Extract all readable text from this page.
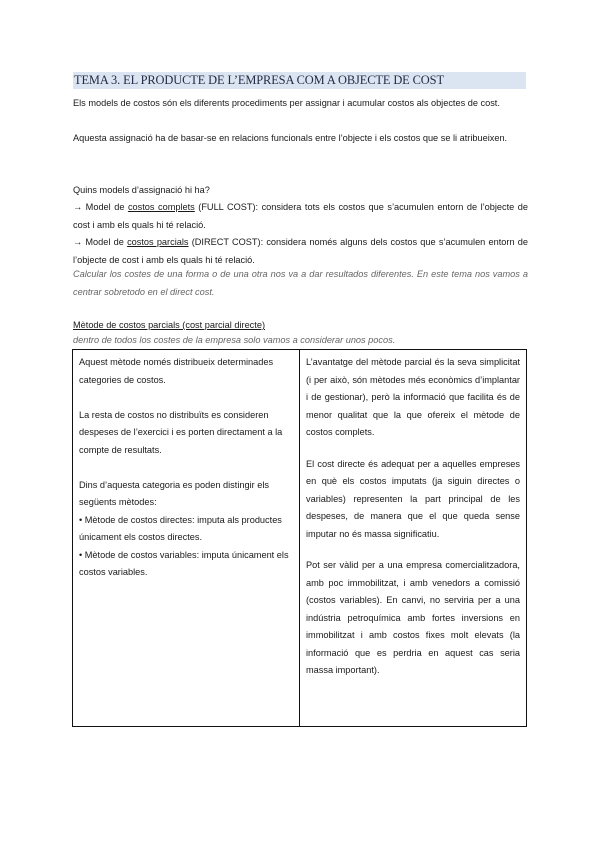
TEMA 3. EL PRODUCTE DE L’EMPRESA COM A OBJECTE DE COST
Els models de costos són els diferents procediments per assignar i acumular costos als objectes de cost.
Aquesta assignació ha de basar-se en relacions funcionals entre l’objecte i els costos que se li atribueixen.
Quins models d’assignació hi ha?
→ Model de costos complets (FULL COST): considera tots els costos que s’acumulen entorn de l’objecte de cost i amb els quals hi té relació.
→ Model de costos parcials (DIRECT COST): considera només alguns dels costos que s’acumulen entorn de l’objecte de cost i amb els quals hi té relació.
Calcular los costes de una forma o de una otra nos va a dar resultados diferentes. En este tema nos vamos a centrar sobretodo en el direct cost.
Mètode de costos parcials (cost parcial directe)
dentro de todos los costes de la empresa solo vamos a considerar unos pocos.

Aquest mètode només distribueix determinades categories de costos.

La resta de costos no distribuïts es consideren despeses de l’exercici i es porten directament a la compte de resultats.

Dins d’aquesta categoria es poden distingir els següents mètodes:

• Mètode de costos directes: imputa als productes únicament els costos directes.

• Mètode de costos variables: imputa únicament els costos variables.

L’avantatge del mètode parcial és la seva simplicitat (i per això, són mètodes més econòmics d’implantar i de gestionar), però la informació que facilita és de menor qualitat que la que ofereix el mètode de costos complets.

El cost directe és adequat per a aquelles empreses en què els costos imputats (ja siguin directes o variables) representen la part principal de les despeses, de manera que el que queda sense imputar no és massa significatiu.

Pot ser vàlid per a una empresa comercialitzadora, amb poc immobilitzat, i amb venedors a comissió (costos variables). En canvi, no serviria per a una indústria petroquímica amb fortes inversions en immobilitzat i amb costos fixes molt elevats (la informació que es perdria en aquest cas seria massa important).
